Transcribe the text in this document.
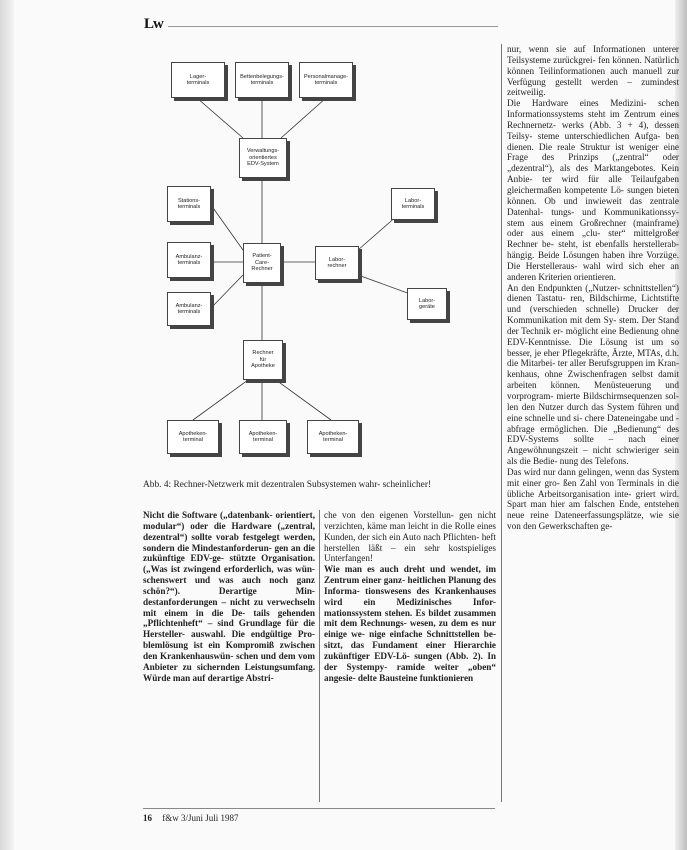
Lw
Lager-
terminals
Bettenbelegungs-
terminals
Personalmanage-
terminals
Verwaltungs-
orientiertes
EDV-System
Stations-
terminals
Ambulanz-
terminals
Ambulanz-
terminals
Patient-
Care-
Rechner
Labor-
rechner
Labor-
terminals
Labor-
geräte
Rechner
für
Apotheke
Apotheken-
terminal
Apotheken-
terminal
Apotheken-
terminal
Abb. 4: Rechner-Netzwerk mit dezentralen Subsystemen wahr- scheinlicher!

Nicht die Software („datenbank- orientiert, modular“) oder die Hardware („zentral, dezentral“) sollte vorab festgelegt werden, sondern die Mindestanforderun- gen an die zukünftige EDV-ge- stützte Organisation. („Was ist zwingend erforderlich, was wün- schenswert und was auch noch ganz schön?“). Derartige Min- destanforderungen – nicht zu verwechseln mit einem in die De- tails gehenden „Pflichtenheft“ – sind Grundlage für die Hersteller- auswahl. Die endgültige Pro- blemlösung ist ein Kompromiß zwischen den Krankenhauswün- schen und dem vom Anbieter zu sichernden Leistungsumfang. Würde man auf derartige Abstri-

che von den eigenen Vorstellun- gen nicht verzichten, käme man leicht in die Rolle eines Kunden, der sich ein Auto nach Pflichten- heft herstellen läßt – ein sehr kostspieliges Unterfangen!

Wie man es auch dreht und wendet, im Zentrum einer ganz- heitlichen Planung des Informa- tionswesens des Krankenhauses wird ein Medizinisches Infor- mationssystem stehen. Es bildet zusammen mit dem Rechnungs- wesen, zu dem es nur einige we- nige einfache Schnittstellen be- sitzt, das Fundament einer Hierarchie zukünftiger EDV-Lö- sungen (Abb. 2). In der Systempy- ramide weiter „oben“ angesie- delte Bausteine funktionieren

nur, wenn sie auf Informationen unterer Teilsysteme zurückgrei- fen können. Natürlich können Teilinformationen auch manuell zur Verfügung gestellt werden – zumindest zeitweilig.

Die Hardware eines Medizini- schen Informationssystems steht im Zentrum eines Rechnernetz- werks (Abb. 3 + 4), dessen Teilsy- steme unterschiedlichen Aufga- ben dienen. Die reale Struktur ist weniger eine Frage des Prinzips („zentral“ oder „dezentral“), als des Marktangebotes. Kein Anbie- ter wird für alle Teilaufgaben gleichermaßen kompetente Lö- sungen bieten können. Ob und inwieweit das zentrale Datenhal- tungs- und Kommunikationssy- stem aus einem Großrechner (mainframe) oder aus einem „clu- ster“ mittelgroßer Rechner be- steht, ist ebenfalls herstellerab- hängig. Beide Lösungen haben ihre Vorzüge. Die Herstelleraus- wahl wird sich eher an anderen Kriterien orientieren.

An den Endpunkten („Nutzer- schnittstellen“) dienen Tastatu- ren, Bildschirme, Lichtstifte und (verschieden schnelle) Drucker der Kommunikation mit dem Sy- stem. Der Stand der Technik er- möglicht eine Bedienung ohne EDV-Kenntnisse. Die Lösung ist um so besser, je eher Pflegekräfte, Ärzte, MTAs, d.h. die Mitarbei- ter aller Berufsgruppen im Kran- kenhaus, ohne Zwischenfragen selbst damit arbeiten können. Menüsteuerung und vorprogram- mierte Bildschirmsequenzen sol- len den Nutzer durch das System führen und eine schnelle und si- chere Dateneingabe und -abfrage ermöglichen. Die „Bedienung“ des EDV-Systems sollte – nach einer Angewöhnungszeit – nicht schwieriger sein als die Bedie- nung des Telefons.

Das wird nur dann gelingen, wenn das System mit einer gro- ßen Zahl von Terminals in die übliche Arbeitsorganisation inte- griert wird. Spart man hier am falschen Ende, entstehen neue reine Dateneerfassungsplätze, wie sie von den Gewerkschaften ge-

16 f&w 3/Juni Juli 1987
